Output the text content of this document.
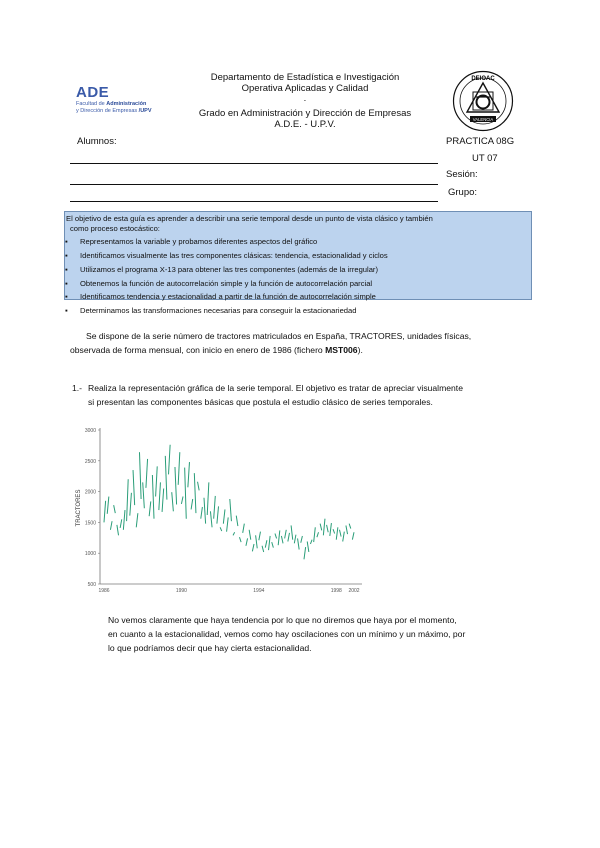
ADE
Facultad de Administración
y Dirección de Empresas /UPV
Departamento de Estadística e Investigación
Operativa Aplicadas y Calidad
.
Grado en Administración y Dirección de Empresas
A.D.E. - U.P.V.
DEIOAC
VALENCIA
PRACTICA 08G
UT 07
Alumnos:
Sesión:
Grupo:
El objetivo de esta guía es aprender a describir una serie temporal desde un punto de vista clásico y también
como proceso estocástico:
Representamos la variable y probamos diferentes aspectos del gráfico
Identificamos visualmente las tres componentes clásicas: tendencia, estacionalidad y ciclos
Utilizamos el programa X-13 para obtener las tres componentes (además de la irregular)
Obtenemos la función de autocorrelación simple y la función de autocorrelación parcial
Identificamos tendencia y estacionalidad a partir de la función de autocorrelación simple
Determinamos las transformaciones necesarias para conseguir la estacionariedad
Se dispone de la serie número de tractores matriculados en España, TRACTORES, unidades físicas,
observada de forma mensual, con inicio en enero de 1986 (fichero MST006).
1.- Realiza la representación gráfica de la serie temporal. El objetivo es tratar de apreciar visualmente
si presentan las componentes básicas que postula el estudio clásico de series temporales.
TRACTORES
3000
2500
2000
1500
1000
500
1986	1990	1994	1998 2002
No vemos claramente que haya tendencia por lo que no diremos que haya por el momento,
en cuanto a la estacionalidad, vemos como hay oscilaciones con un mínimo y un máximo, por
lo que podríamos decir que hay cierta estacionalidad.
